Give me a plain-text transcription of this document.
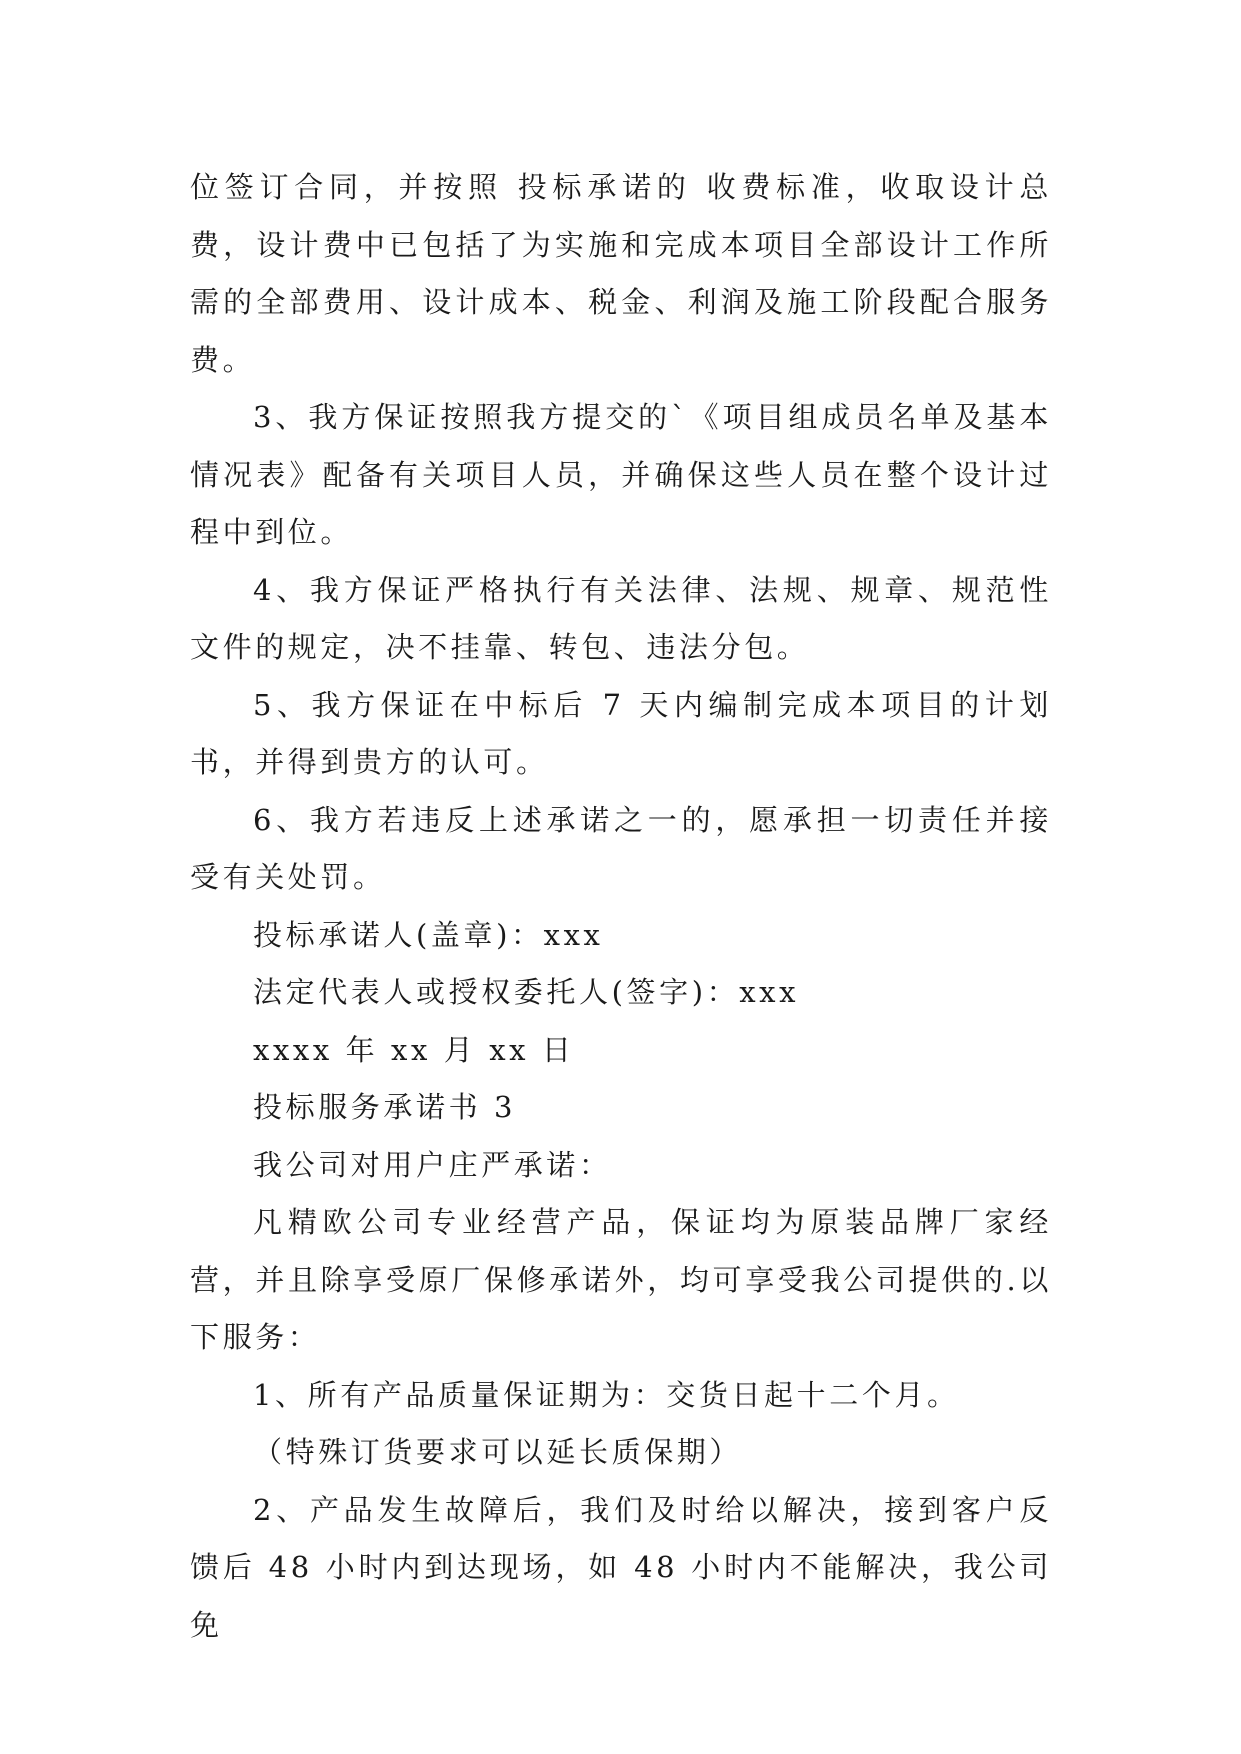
位签订合同，并按照 投标承诺的 收费标准，收取设计总费，设计费中已包括了为实施和完成本项目全部设计工作所需的全部费用、设计成本、税金、利润及施工阶段配合服务费。

3、我方保证按照我方提交的`《项目组成员名单及基本情况表》配备有关项目人员，并确保这些人员在整个设计过程中到位。

4、我方保证严格执行有关法律、法规、规章、规范性文件的规定，决不挂靠、转包、违法分包。

5、我方保证在中标后 7 天内编制完成本项目的计划书，并得到贵方的认可。

6、我方若违反上述承诺之一的，愿承担一切责任并接受有关处罚。

投标承诺人(盖章)：xxx

法定代表人或授权委托人(签字)：xxx

xxxx 年 xx 月 xx 日

投标服务承诺书 3

我公司对用户庄严承诺：

凡精欧公司专业经营产品，保证均为原装品牌厂家经营，并且除享受原厂保修承诺外，均可享受我公司提供的.以下服务：

1、所有产品质量保证期为：交货日起十二个月。

（特殊订货要求可以延长质保期）

2、产品发生故障后，我们及时给以解决，接到客户反馈后 48 小时内到达现场，如 48 小时内不能解决，我公司免
